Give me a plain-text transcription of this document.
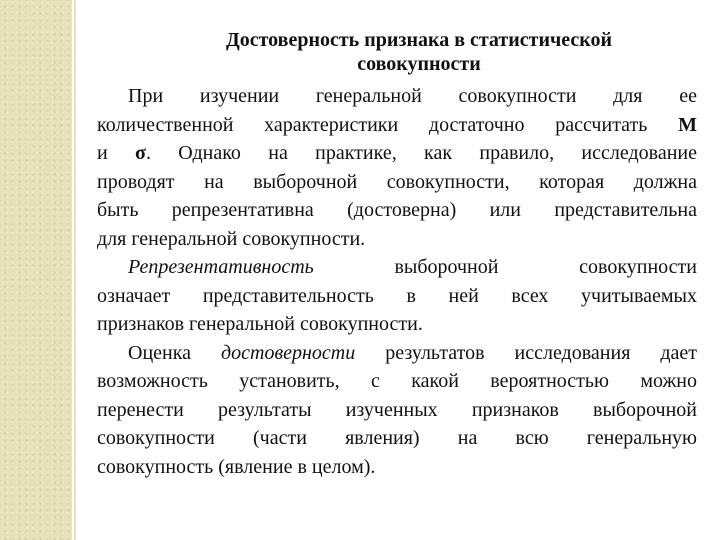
Достоверность признака в статистической
совокупности

При изучении генеральной совокупности для ее
количественной характеристики достаточно рассчитать M
и σ. Однако на практике, как правило, исследование
проводят на выборочной совокупности, которая должна
быть репрезентативна (достоверна) или представительна
для генеральной совокупности.

Репрезентативность	выборочной совокупности
означает представительность в ней всех учитываемых
признаков генеральной совокупности.

Оценка достоверности результатов исследования дает
возможность установить, с какой вероятностью можно
перенести результаты изученных признаков выборочной
совокупности (части явления) на всю генеральную
совокупность (явление в целом).
